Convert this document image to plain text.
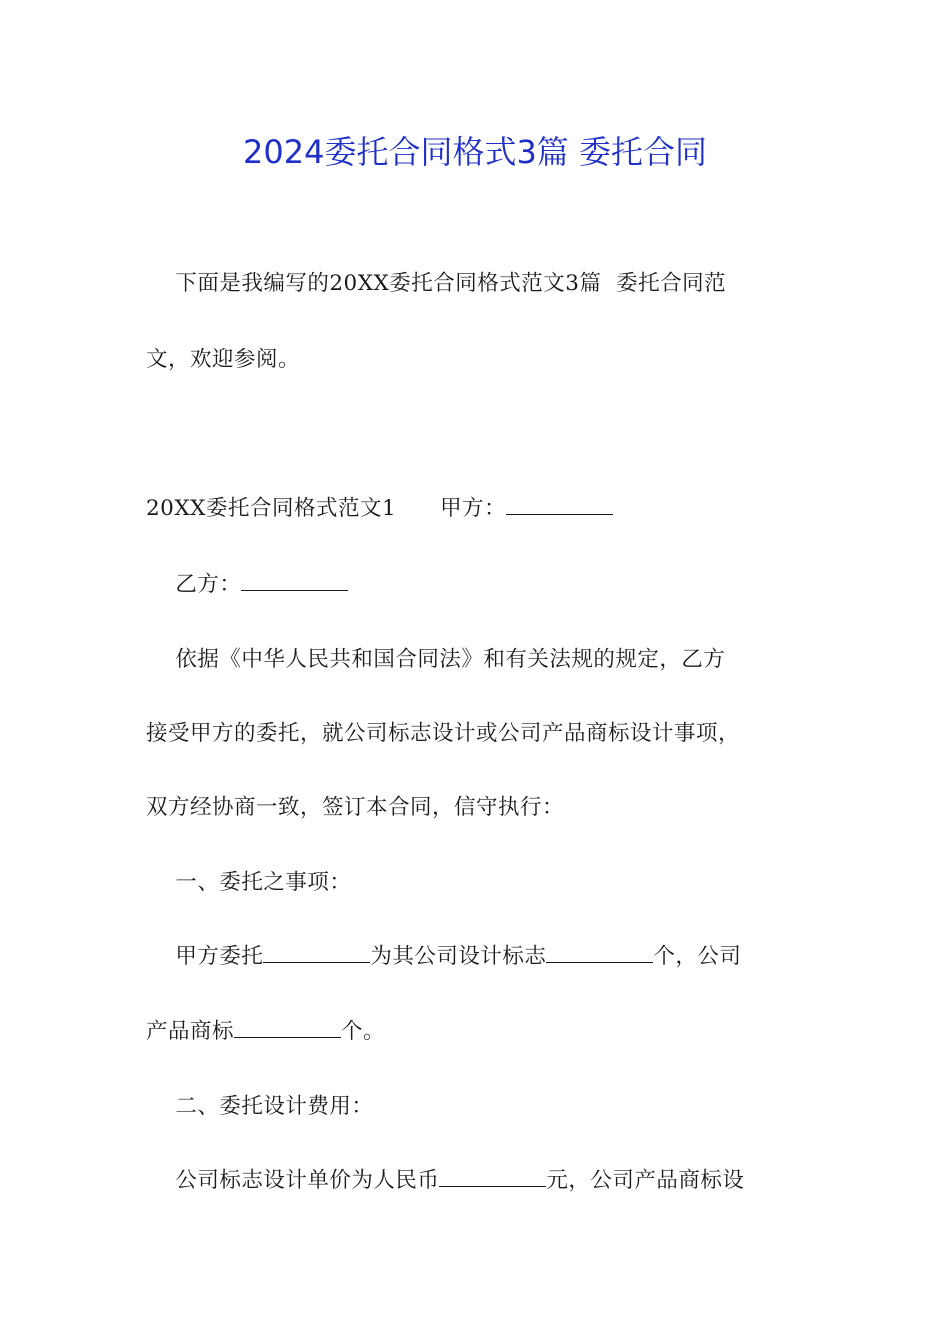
2024委托合同格式3篇 委托合同
下面是我编写的20XX委托合同格式范文3篇  委托合同范
文，欢迎参阅。
20XX委托合同格式范文1 甲方：
乙方：
依据《中华人民共和国合同法》和有关法规的规定，乙方
接受甲方的委托，就公司标志设计或公司产品商标设计事项，
双方经协商一致，签订本合同，信守执行：
一、委托之事项：
甲方委托	为其公司设计标志	个，公司
产品商标	个。
二、委托设计费用：
公司标志设计单价为人民币	元，公司产品商标设
